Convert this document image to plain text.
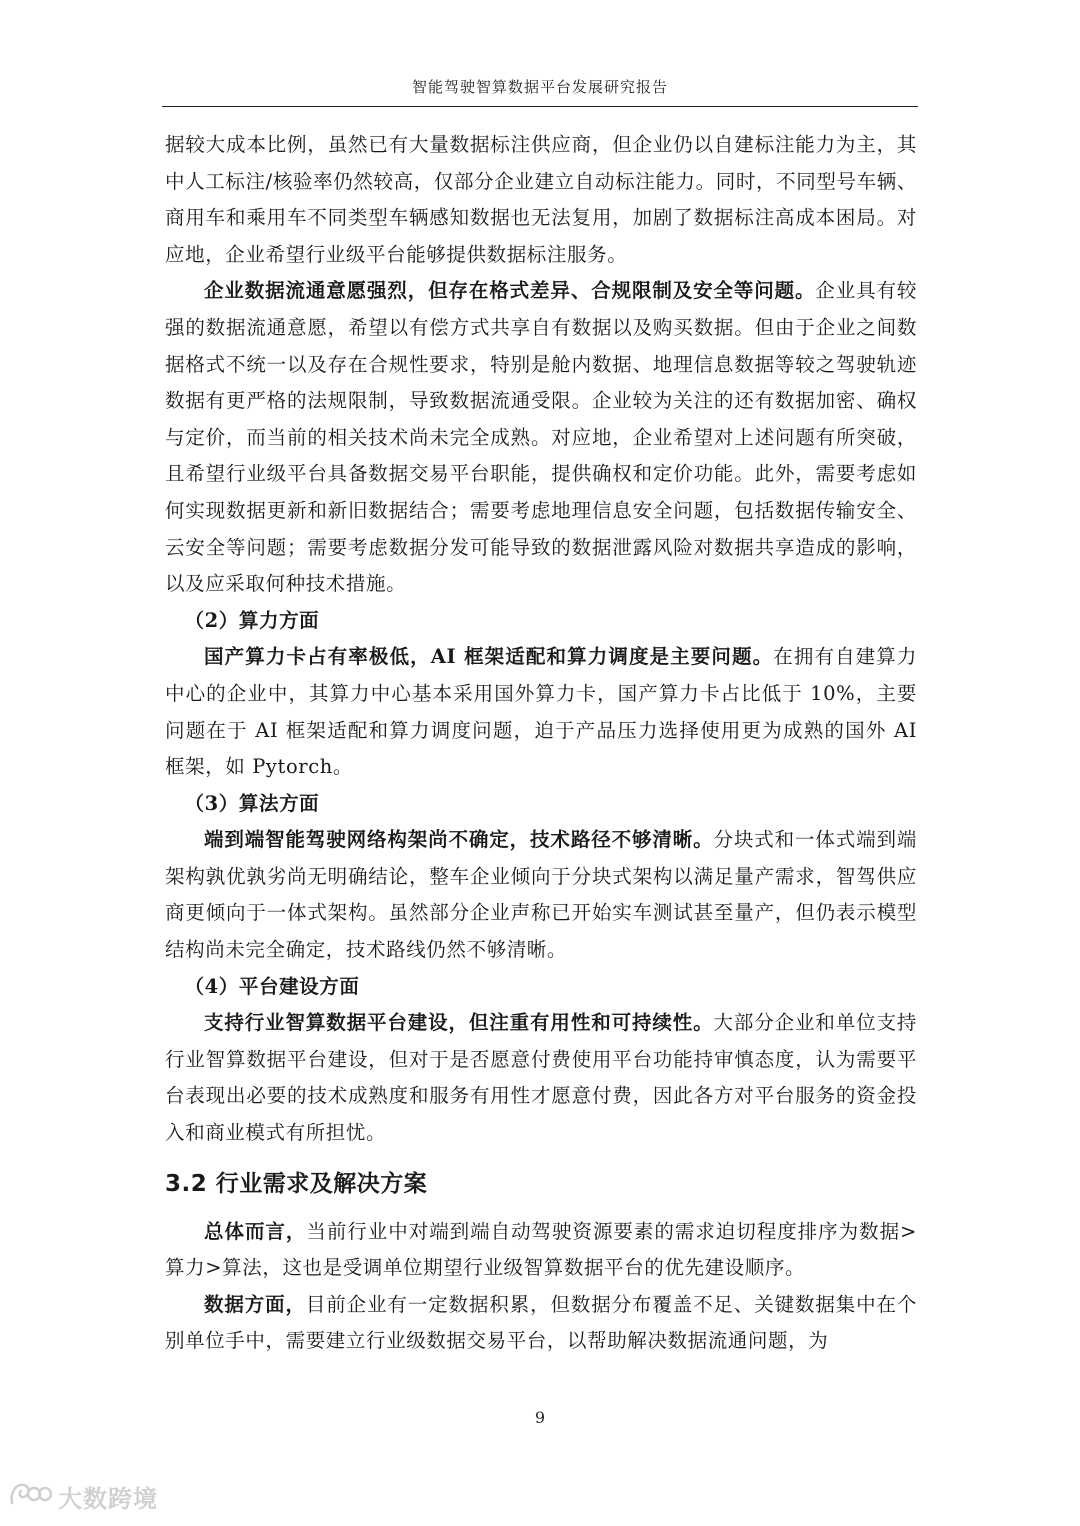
智能驾驶智算数据平台发展研究报告

据较大成本比例，虽然已有大量数据标注供应商，但企业仍以自建标注能力为主，其中人工标注/核验率仍然较高，仅部分企业建立自动标注能力。同时，不同型号车辆、商用车和乘用车不同类型车辆感知数据也无法复用，加剧了数据标注高成本困局。对应地，企业希望行业级平台能够提供数据标注服务。

企业数据流通意愿强烈，但存在格式差异、合规限制及安全等问题。企业具有较强的数据流通意愿，希望以有偿方式共享自有数据以及购买数据。但由于企业之间数据格式不统一以及存在合规性要求，特别是舱内数据、地理信息数据等较之驾驶轨迹数据有更严格的法规限制，导致数据流通受限。企业较为关注的还有数据加密、确权与定价，而当前的相关技术尚未完全成熟。对应地，企业希望对上述问题有所突破，且希望行业级平台具备数据交易平台职能，提供确权和定价功能。此外，需要考虑如何实现数据更新和新旧数据结合；需要考虑地理信息安全问题，包括数据传输安全、云安全等问题；需要考虑数据分发可能导致的数据泄露风险对数据共享造成的影响，以及应采取何种技术措施。

（2）算力方面

国产算力卡占有率极低，AI 框架适配和算力调度是主要问题。在拥有自建算力中心的企业中，其算力中心基本采用国外算力卡，国产算力卡占比低于 10%，主要问题在于 AI 框架适配和算力调度问题，迫于产品压力选择使用更为成熟的国外 AI 框架，如 Pytorch。

（3）算法方面

端到端智能驾驶网络构架尚不确定，技术路径不够清晰。分块式和一体式端到端架构孰优孰劣尚无明确结论，整车企业倾向于分块式架构以满足量产需求，智驾供应商更倾向于一体式架构。虽然部分企业声称已开始实车测试甚至量产，但仍表示模型结构尚未完全确定，技术路线仍然不够清晰。

（4）平台建设方面

支持行业智算数据平台建设，但注重有用性和可持续性。大部分企业和单位支持行业智算数据平台建设，但对于是否愿意付费使用平台功能持审慎态度，认为需要平台表现出必要的技术成熟度和服务有用性才愿意付费，因此各方对平台服务的资金投入和商业模式有所担忧。

3.2 行业需求及解决方案

总体而言，当前行业中对端到端自动驾驶资源要素的需求迫切程度排序为数据>算力>算法，这也是受调单位期望行业级智算数据平台的优先建设顺序。

数据方面，目前企业有一定数据积累，但数据分布覆盖不足、关键数据集中在个别单位手中，需要建立行业级数据交易平台，以帮助解决数据流通问题，为

9
大数跨境
